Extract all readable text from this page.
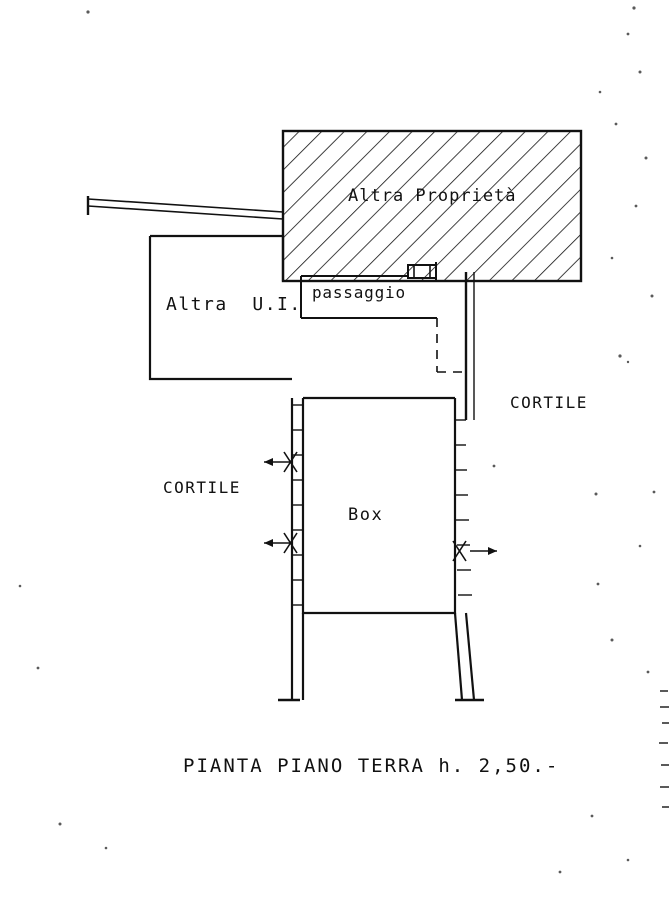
Altra Proprietà
Altra  U.I.
passaggio
CORTILE
CORTILE
Box
PIANTA PIANO TERRA h. 2,50.-
